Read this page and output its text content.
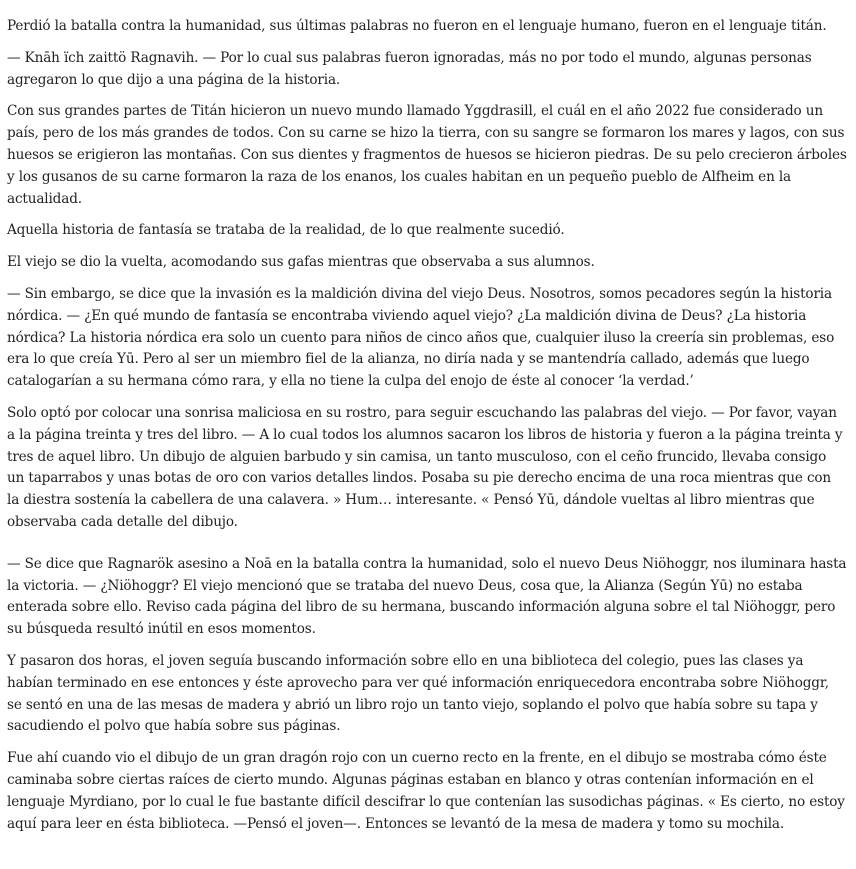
Perdió la batalla contra la humanidad, sus últimas palabras no fueron en el lenguaje humano, fueron en el lenguaje titán.

— Knāh ïch zaittö Ragnavih. — Por lo cual sus palabras fueron ignoradas, más no por todo el mundo, algunas personas agregaron lo que dijo a una página de la historia.

Con sus grandes partes de Titán hicieron un nuevo mundo llamado Yggdrasill, el cuál en el año 2022 fue considerado un país, pero de los más grandes de todos. Con su carne se hizo la tierra, con su sangre se formaron los mares y lagos, con sus huesos se erigieron las montañas. Con sus dientes y fragmentos de huesos se hicieron piedras. De su pelo crecieron árboles y los gusanos de su carne formaron la raza de los enanos, los cuales habitan en un pequeño pueblo de Alfheim en la actualidad.

Aquella historia de fantasía se trataba de la realidad, de lo que realmente sucedió.

El viejo se dio la vuelta, acomodando sus gafas mientras que observaba a sus alumnos.

— Sin embargo, se dice que la invasión es la maldición divina del viejo Deus. Nosotros, somos pecadores según la historia nórdica. — ¿En qué mundo de fantasía se encontraba viviendo aquel viejo? ¿La maldición divina de Deus? ¿La historia nórdica? La historia nórdica era solo un cuento para niños de cinco años que, cualquier iluso la creería sin problemas, eso era lo que creía Yū. Pero al ser un miembro fiel de la alianza, no diría nada y se mantendría callado, además que luego catalogarían a su hermana cómo rara, y ella no tiene la culpa del enojo de éste al conocer ‘la verdad.’

Solo optó por colocar una sonrisa maliciosa en su rostro, para seguir escuchando las palabras del viejo. — Por favor, vayan a la página treinta y tres del libro. — A lo cual todos los alumnos sacaron los libros de historia y fueron a la página treinta y tres de aquel libro. Un dibujo de alguien barbudo y sin camisa, un tanto musculoso, con el ceño fruncido, llevaba consigo un taparrabos y unas botas de oro con varios detalles lindos. Posaba su pie derecho encima de una roca mientras que con la diestra sostenía la cabellera de una calavera. » Hum… interesante. « Pensó Yū, dándole vueltas al libro mientras que observaba cada detalle del dibujo.

— Se dice que Ragnarök asesino a Noā en la batalla contra la humanidad, solo el nuevo Deus Niöhoggr, nos iluminara hasta la victoria. — ¿Niöhoggr? El viejo mencionó que se trataba del nuevo Deus, cosa que, la Alianza (Según Yū) no estaba enterada sobre ello. Reviso cada página del libro de su hermana, buscando información alguna sobre el tal Niöhoggr, pero su búsqueda resultó inútil en esos momentos.

Y pasaron dos horas, el joven seguía buscando información sobre ello en una biblioteca del colegio, pues las clases ya habían terminado en ese entonces y éste aprovecho para ver qué información enriquecedora encontraba sobre Niöhoggr, se sentó en una de las mesas de madera y abrió un libro rojo un tanto viejo, soplando el polvo que había sobre su tapa y sacudiendo el polvo que había sobre sus páginas.

Fue ahí cuando vio el dibujo de un gran dragón rojo con un cuerno recto en la frente, en el dibujo se mostraba cómo éste caminaba sobre ciertas raíces de cierto mundo. Algunas páginas estaban en blanco y otras contenían información en el lenguaje Myrdiano, por lo cual le fue bastante difícil descifrar lo que contenían las susodichas páginas. « Es cierto, no estoy aquí para leer en ésta biblioteca. —Pensó el joven—. Entonces se levantó de la mesa de madera y tomo su mochila.
